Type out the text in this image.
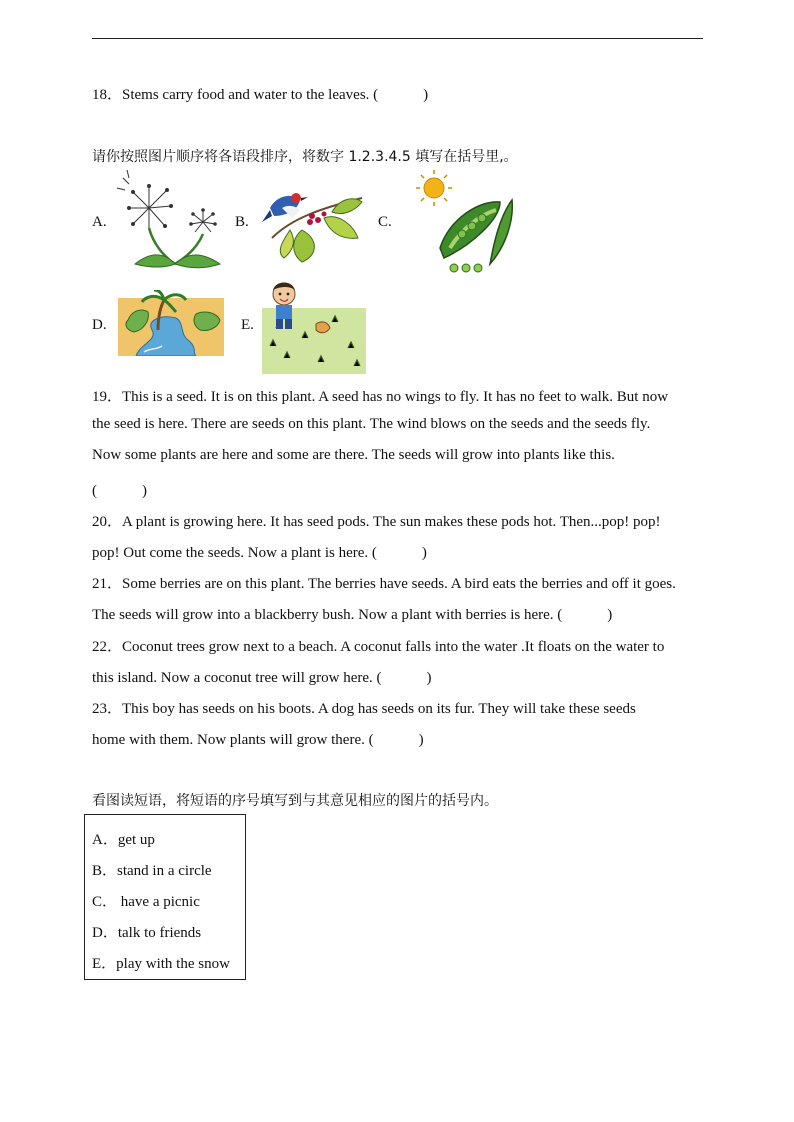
18．Stems carry food and water to the leaves. (　　　)
请你按照图片顺序将各语段排序，将数字 1.2.3.4.5 填写在括号里,。
A.	B.	C.
D.	E.
19．This is a seed. It is on this plant. A seed has no wings to fly. It has no feet to walk. But now
the seed is here. There are seeds on this plant. The wind blows on the seeds and the seeds fly.
Now some plants are here and some are there. The seeds will grow into plants like this.
(　　　)
20．A plant is growing here. It has seed pods. The sun makes these pods hot. Then...pop! pop!
pop! Out come the seeds. Now a plant is here. (　　　)
21．Some berries are on this plant. The berries have seeds. A bird eats the berries and off it goes.
The seeds will grow into a blackberry bush. Now a plant with berries is here. (　　　)
22．Coconut trees grow next to a beach. A coconut falls into the water .It floats on the water to
this island. Now a coconut tree will grow here. (　　　)
23．This boy has seeds on his boots. A dog has seeds on its fur. They will take these seeds
home with them. Now plants will grow there. (　　　)
看图读短语，将短语的序号填写到与其意见相应的图片的括号内。
A．get up
B．stand in a circle
C． have a picnic
D．talk to friends
E．play with the snow
